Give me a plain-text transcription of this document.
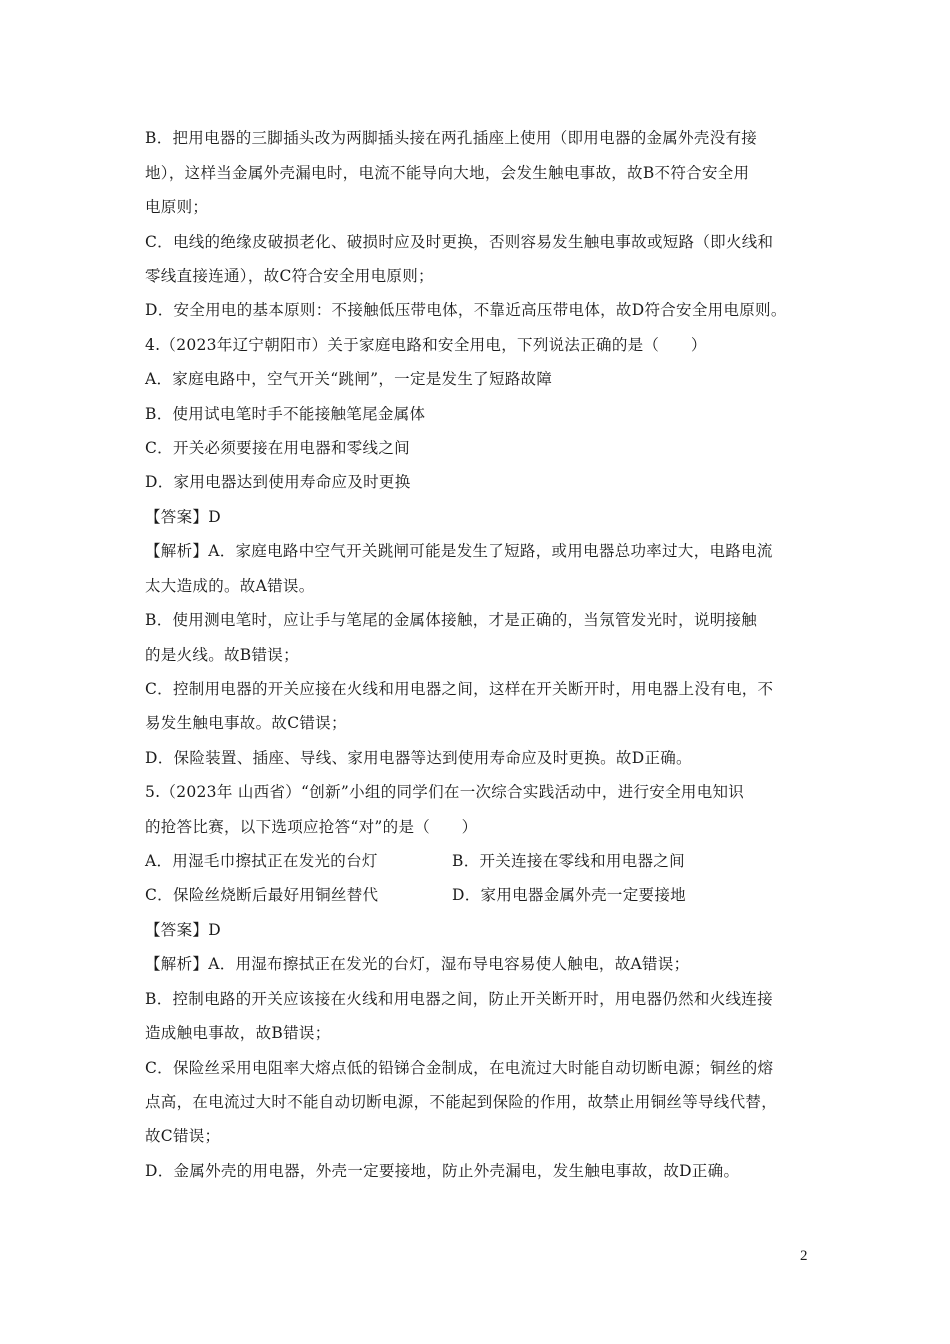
B．把用电器的三脚插头改为两脚插头接在两孔插座上使用（即用电器的金属外壳没有接
地），这样当金属外壳漏电时，电流不能导向大地，会发生触电事故，故B不符合安全用
电原则；
C．电线的绝缘皮破损老化、破损时应及时更换，否则容易发生触电事故或短路（即火线和
零线直接连通），故C符合安全用电原则；
D．安全用电的基本原则：不接触低压带电体，不靠近高压带电体，故D符合安全用电原则。
4.（2023年辽宁朝阳市）关于家庭电路和安全用电，下列说法正确的是（　　）
A．家庭电路中，空气开关“跳闸”，一定是发生了短路故障
B．使用试电笔时手不能接触笔尾金属体
C．开关必须要接在用电器和零线之间
D．家用电器达到使用寿命应及时更换
【答案】D
【解析】A．家庭电路中空气开关跳闸可能是发生了短路，或用电器总功率过大，电路电流
太大造成的。故A错误。
B．使用测电笔时，应让手与笔尾的金属体接触，才是正确的，当氖管发光时，说明接触
的是火线。故B错误；
C．控制用电器的开关应接在火线和用电器之间，这样在开关断开时，用电器上没有电，不
易发生触电事故。故C错误；
D．保险装置、插座、导线、家用电器等达到使用寿命应及时更换。故D正确。
5.（2023年 山西省）“创新”小组的同学们在一次综合实践活动中，进行安全用电知识
的抢答比赛，以下选项应抢答“对”的是（　　）
A．用湿毛巾擦拭正在发光的台灯	B．开关连接在零线和用电器之间
C．保险丝烧断后最好用铜丝替代	D．家用电器金属外壳一定要接地
【答案】D
【解析】A．用湿布擦拭正在发光的台灯，湿布导电容易使人触电，故A错误；
B．控制电路的开关应该接在火线和用电器之间，防止开关断开时，用电器仍然和火线连接
造成触电事故，故B错误；
C．保险丝采用电阻率大熔点低的铅锑合金制成，在电流过大时能自动切断电源；铜丝的熔
点高，在电流过大时不能自动切断电源，不能起到保险的作用，故禁止用铜丝等导线代替，
故C错误；
D．金属外壳的用电器，外壳一定要接地，防止外壳漏电，发生触电事故，故D正确。
2
